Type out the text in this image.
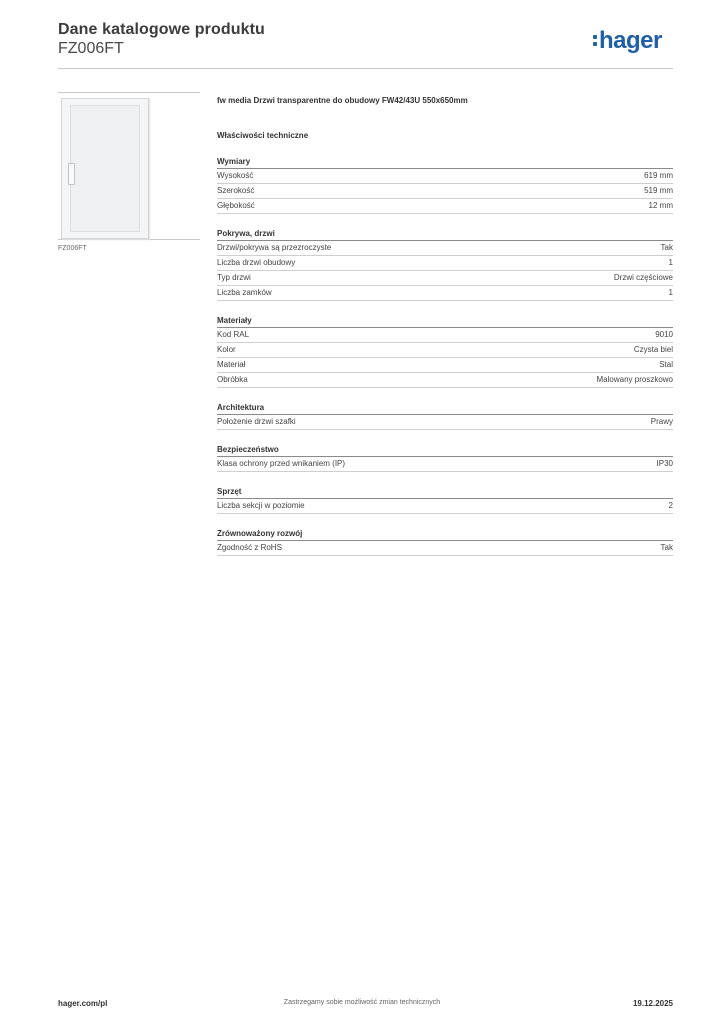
Dane katalogowe produktu
FZ006FT	hager
FZ006FT
fw media Drzwi transparentne do obudowy FW42/43U 550x650mm
Właściwości techniczne
Wymiary
Wysokość	619 mm
Szerokość	519 mm
Głębokość	12 mm
Pokrywa, drzwi
Drzwi/pokrywa są przezroczyste	Tak
Liczba drzwi obudowy	1
Typ drzwi	Drzwi częściowe
Liczba zamków	1
Materiały
Kod RAL	9010
Kolor	Czysta biel
Materiał	Stal
Obróbka	Malowany proszkowo
Architektura
Położenie drzwi szafki	Prawy
Bezpieczeństwo
Klasa ochrony przed wnikaniem (IP)	IP30
Sprzęt
Liczba sekcji w poziomie	2
Zrównoważony rozwój
Zgodność z RoHS	Tak
hager.com/pl	Zastrzegamy sobie możliwość zmian technicznych	19.12.2025
